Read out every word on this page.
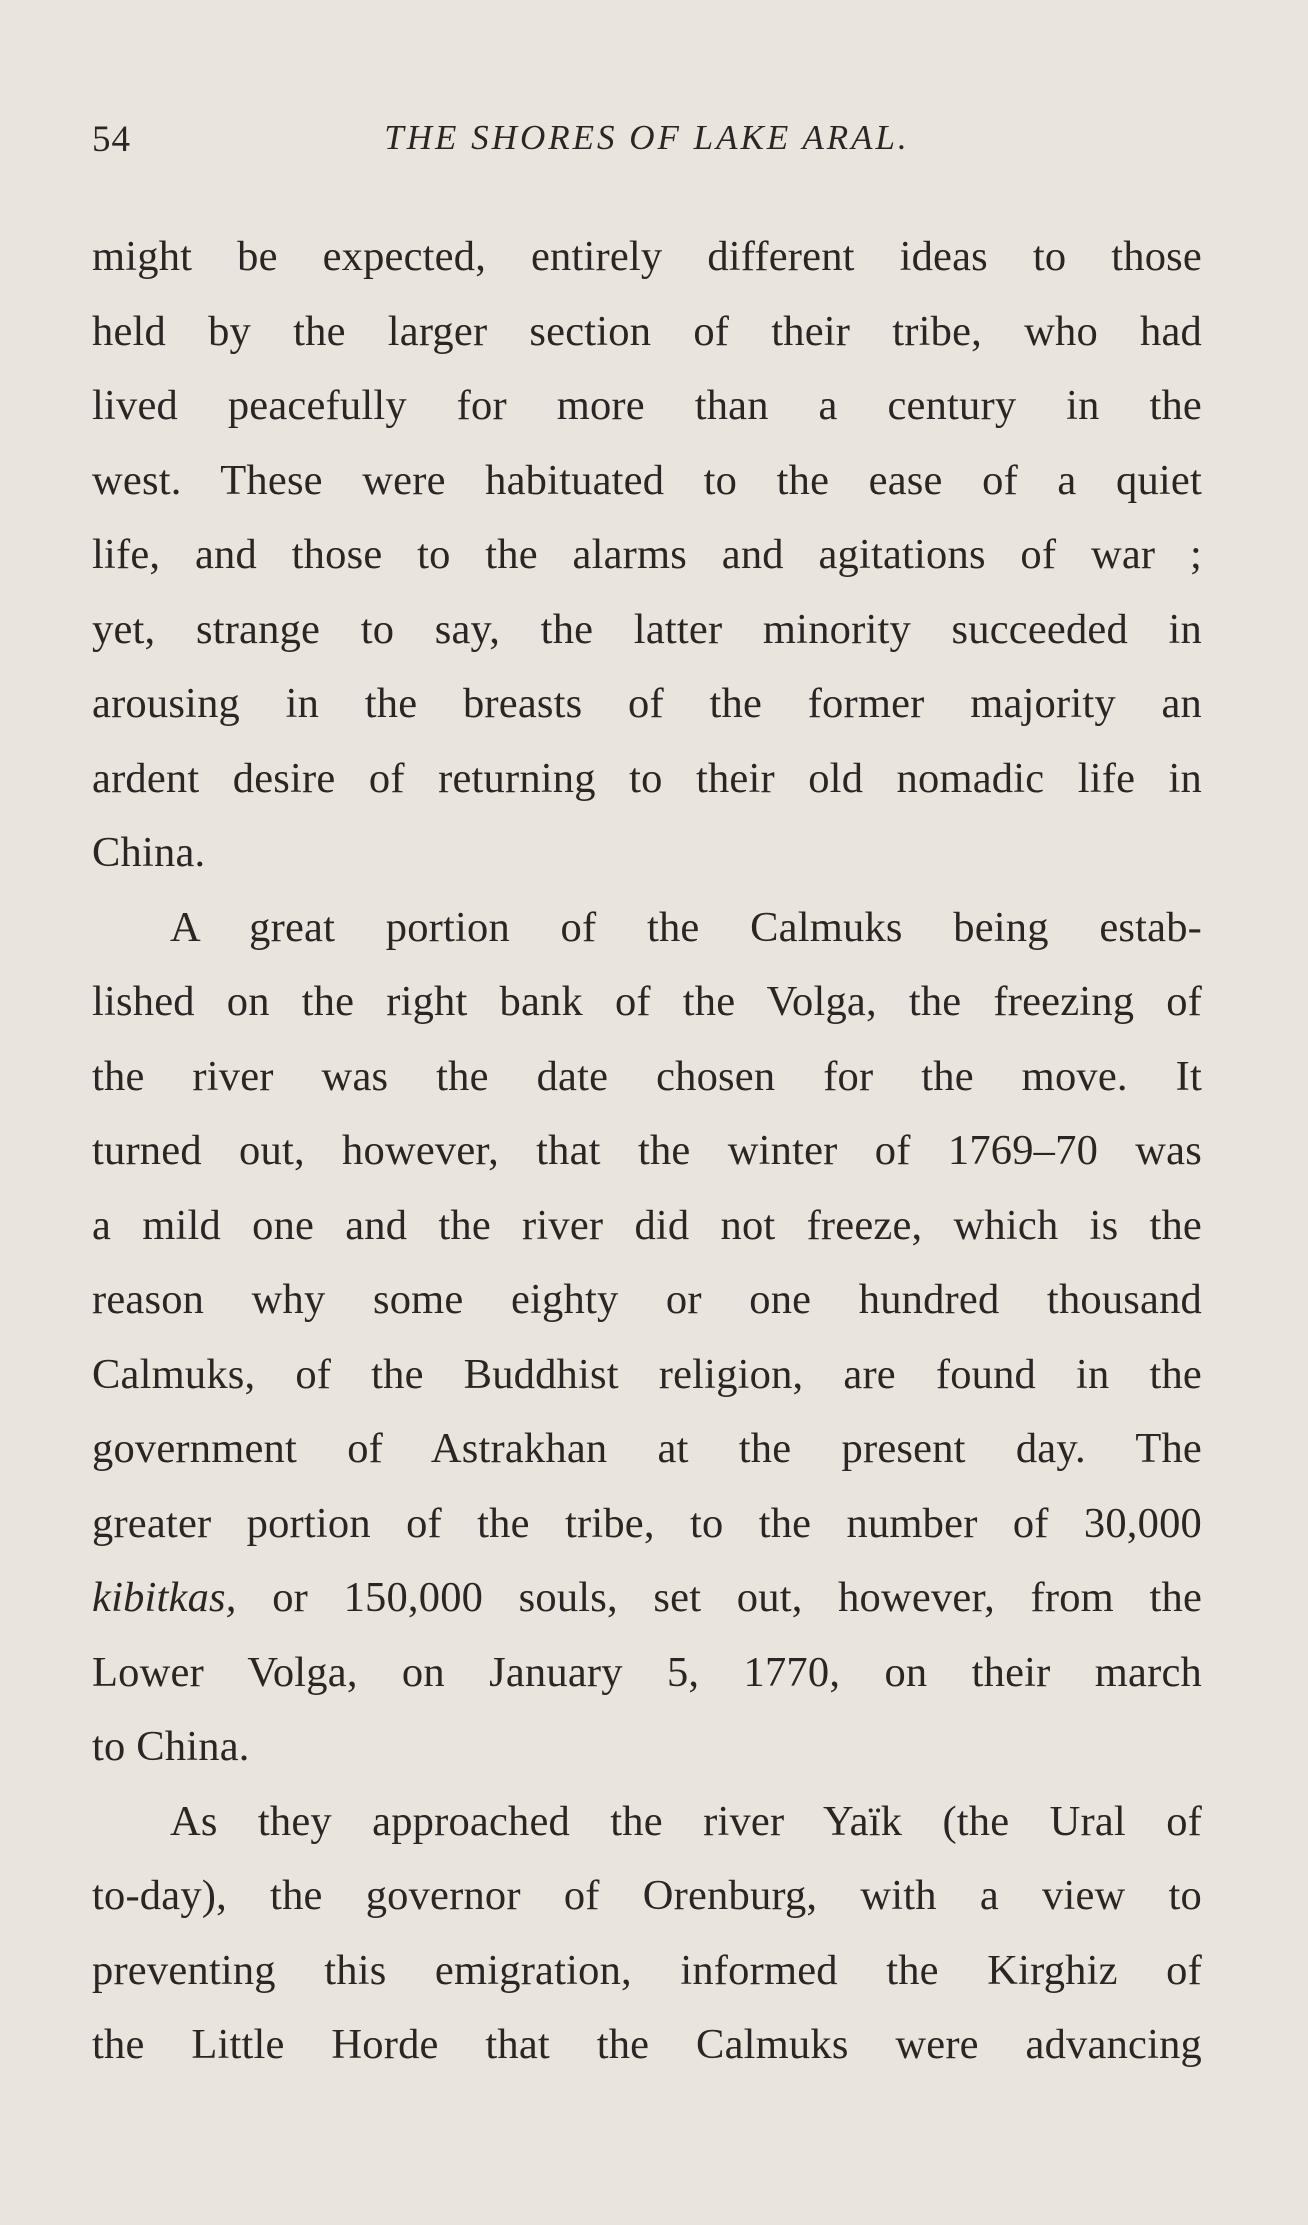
54	THE SHORES OF LAKE ARAL.
might be expected, entirely different ideas to those
held by the larger section of their tribe, who had
lived peacefully for more than a century in the
west. These were habituated to the ease of a quiet
life, and those to the alarms and agitations of war ;
yet, strange to say, the latter minority succeeded in
arousing in the breasts of the former majority an
ardent desire of returning to their old nomadic life in
China.
A great portion of the Calmuks being estab-
lished on the right bank of the Volga, the freezing of
the river was the date chosen for the move. It
turned out, however, that the winter of 1769–70 was
a mild one and the river did not freeze, which is the
reason why some eighty or one hundred thousand
Calmuks, of the Buddhist religion, are found in the
government of Astrakhan at the present day. The
greater portion of the tribe, to the number of 30,000
kibitkas, or 150,000 souls, set out, however, from the
Lower Volga, on January 5, 1770, on their march
to China.
As they approached the river Yaïk (the Ural of
to-day), the governor of Orenburg, with a view to
preventing this emigration, informed the Kirghiz of
the Little Horde that the Calmuks were advancing
